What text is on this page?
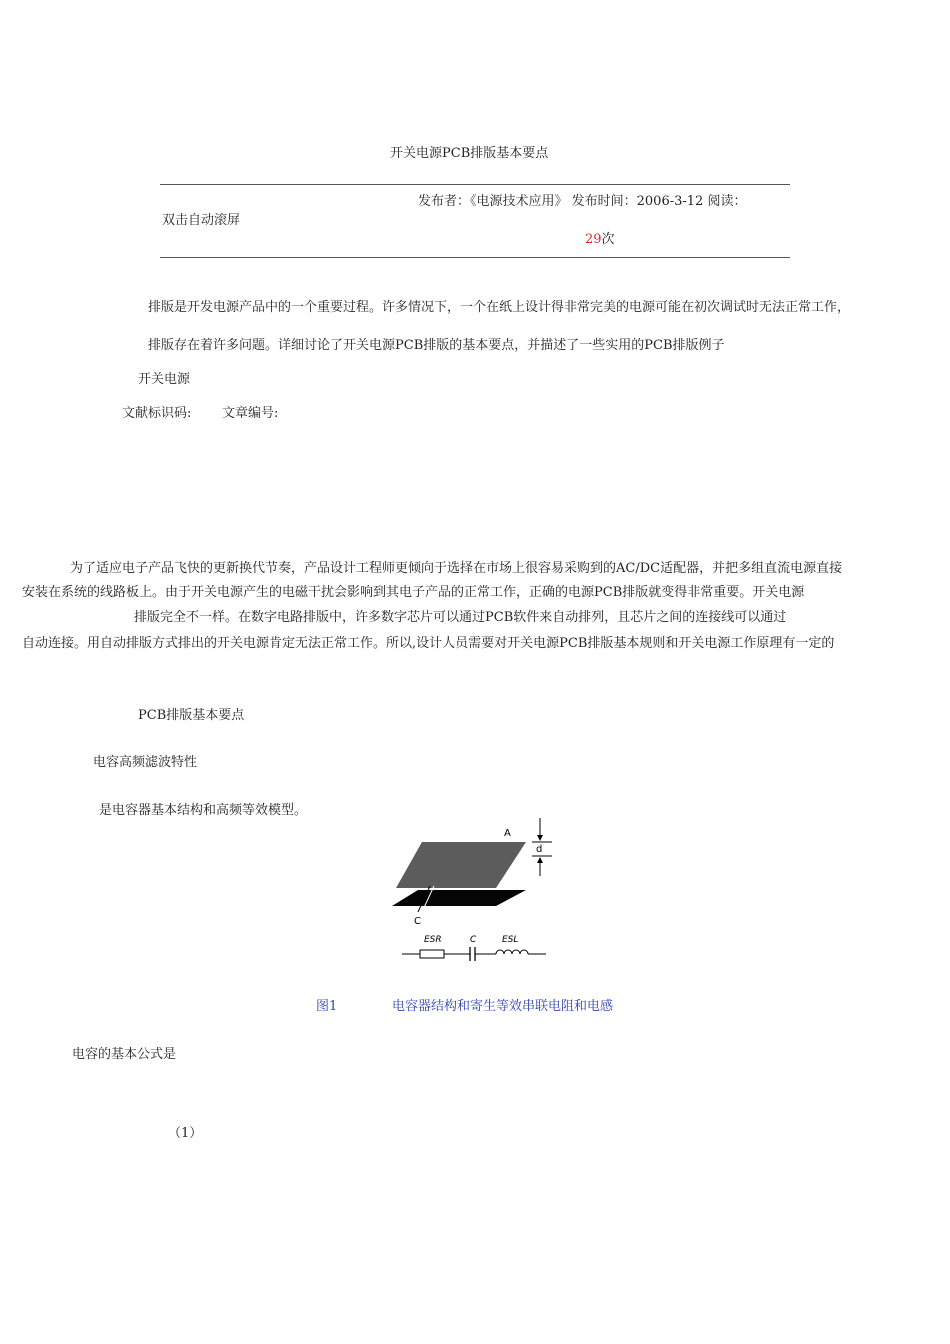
开关电源PCB排版基本要点
发布者：《电源技术应用》 发布时间：2006-3-12 阅读：
双击自动滚屏
29次
排版是开发电源产品中的一个重要过程。许多情况下，一个在纸上设计得非常完美的电源可能在初次调试时无法正常工作，
排版存在着许多问题。详细讨论了开关电源PCB排版的基本要点，并描述了一些实用的PCB排版例子
开关电源
文献标识码: 文章编号:
为了适应电子产品飞快的更新换代节奏，产品设计工程师更倾向于选择在市场上很容易采购到的AC/DC适配器，并把多组直流电源直接
安装在系统的线路板上。由于开关电源产生的电磁干扰会影响到其电子产品的正常工作，正确的电源PCB排版就变得非常重要。开关电源
排版完全不一样。在数字电路排版中，许多数字芯片可以通过PCB软件来自动排列，且芯片之间的连接线可以通过
自动连接。用自动排版方式排出的开关电源肯定无法正常工作。所以,设计人员需要对开关电源PCB排版基本规则和开关电源工作原理有一定的
PCB排版基本要点
电容高频滤波特性
是电容器基本结构和高频等效模型。
A
d
C
ESR	C	ESL
图1	电容器结构和寄生等效串联电阻和电感
电容的基本公式是
（1）
